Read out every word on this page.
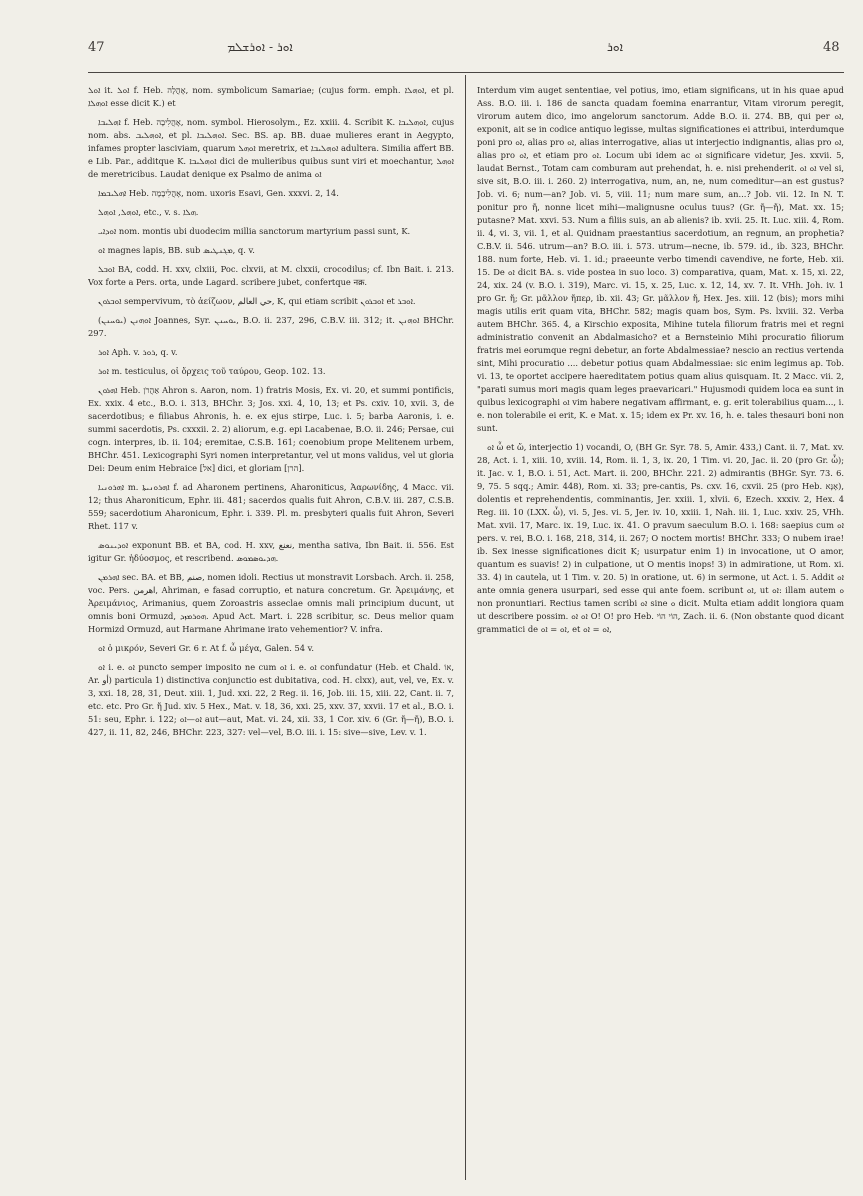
47	ܐܘܪ - ܐܘܪܫܠܡ	ܐܘܪ	48

ܐܘܠ it. ܐܘܠ f. Heb. אָהֳלָה, nom. symbolicum Samariae; (cujus form. emph. ܐܘܗܠܐ, et pl. ܐܘܗܠܐ esse dicit K.) et

ܐܗܠܝܒܐ f. Heb. אָהֳלִיבָה, nom. symbol. Hierosolym., Ez. xxiii. 4. Scribit K. ܐܘܗܠܝܒܐ, cujus nom. abs. ܐܘܗܠܝܒ, et pl. ܐܘܗܠܝܒܐ. Sec. BS. ap. BB. duae mulieres erant in Aegypto, infames propter lasciviam, quarum ܐܘܗܠ meretrix, et ܐܘܗܠܝܒܐ adultera. Similia affert BB. e Lib. Par., additque K. ܐܘܗܠܝܒܐ dici de mulieribus quibus sunt viri et moechantur, ܐܘܗܠ de meretricibus. Laudat denique ex Psalmo de anima ܐܘ

ܐܗܠܝܒܡܐ Heb. אָהֳלִיבָמָה, nom. uxoris Esavi, Gen. xxxvi. 2, 14.

ܐܘܗܠ, ܐܘܗܠ, etc., v. s. ܗܠܐ.

ܐܘܕܐܝ nom. montis ubi duodecim millia sanctorum martyrium passi sunt, K.

ܐܘ magnes lapis, BB. sub ܡܓܢܛܝܣ, q. v.

ܐܘܒܠ BA, codd. H. xxv, clxiii, Poc. clxvii, at M. clxxii, crocodilus; cf. Ibn Bait. i. 213. Vox forte a Pers. orta, unde Lagard. scribere jubet, confertque नक्र.

ܐܘܒܪܘܢ sempervivum, τὸ ἀείζωον, حي العالم, K, qui etiam scribit ܐܘܒܪܘܢ et ܐܘܒܪ.

ܐܘܗܢܢ (ܝܘܚܢܢ) Joannes, Syr. ܝܘܚܢܢ, B.O. ii. 237, 296, C.B.V. iii. 312; it. ܐܘܗܢܢ BHChr. 297.

ܐܘܪ Aph. v. ܪܘܪ, q. v.

ܐܘܪ m. testiculus, οἱ ὄρχεις τοῦ ταύρου, Geop. 102. 13.

ܐܗܪܘܢ Heb. אַהֲרֹן Ahron s. Aaron, nom. 1) fratris Mosis, Ex. vi. 20, et summi pontificis, Ex. xxix. 4 etc., B.O. i. 313, BHChr. 3; Jos. xxi. 4, 10, 13; et Ps. cxiv. 10, xvii. 3, de sacerdotibus; e filiabus Ahronis, h. e. ex ejus stirpe, Luc. i. 5; barba Aaronis, i. e. summi sacerdotis, Ps. cxxxii. 2. 2) aliorum, e.g. epi Lacabenae, B.O. ii. 246; Persae, cui cogn. interpres, ib. ii. 104; eremitae, C.S.B. 161; coenobium prope Melitenem urbem, BHChr. 451. Lexicographi Syri nomen interpretantur, vel ut mons validus, vel ut gloria Dei: Deum enim Hebraice [אל] dici, et gloriam [הרן].

ܐܗܪܘܢܝܐ m. ܐܗܪܘܢܝܬܐ f. ad Aharonem pertinens, Aharoniticus, Ἀαρωνίδης, 4 Macc. vii. 12; thus Aharoniticum, Ephr. iii. 481; sacerdos qualis fuit Ahron, C.B.V. iii. 287, C.S.B. 559; sacerdotium Aharonicum, Ephr. i. 339. Pl. m. presbyteri qualis fuit Ahron, Severi Rhet. 117 v.

ܐܘܕܝܢܘܣ exponunt BB. et BA, cod. H. xxv, نعنع, mentha sativa, Ibn Bait. ii. 556. Est igitur Gr. ἡδύοσμος, et rescribend. ܗܕܝܘܣܡܘܣ.

ܐܗܪܡܢ sec. BA. et BB, صنم, nomen idoli. Rectius ut monstravit Lorsbach. Arch. ii. 258, voc. Pers. اهرمن, Ahriman, e fasad corruptio, et natura concretum. Gr. Ἀρειμάνης, et Ἀρειμάνιος, Arimanius, quem Zoroastris asseclae omnis mali principium ducunt, ut omnis boni Ormuzd, ܗܘܪܡܙܕ. Apud Act. Mart. i. 228 scribitur, sc. Deus melior quam Hormizd Ormuzd, aut Harmane Ahrimane irato vehementior? V. infra.

ܐܘ ὁ μικρόν, Severi Gr. 6 r. At f. ὦ μέγα, Galen. 54 v.

ܐܘ i. e. ܐܘ puncto semper imposito ne cum ܐܘ i. e. ܐܘ confundatur (Heb. et Chald. אוֹ, Ar. أو) particula 1) distinctiva conjunctio est dubitativa, cod. H. clxx), aut, vel, ve, Ex. v. 3, xxi. 18, 28, 31, Deut. xiii. 1, Jud. xxi. 22, 2 Reg. ii. 16, Job. iii. 15, xiii. 22, Cant. ii. 7, etc. etc. Pro Gr. ἤ Jud. xiv. 5 Hex., Mat. v. 18, 36, xxi. 25, xxv. 37, xxvii. 17 et al., B.O. i. 51: seu, Ephr. i. 122; ܐܘ—ܐܘ aut—aut, Mat. vi. 24, xii. 33, 1 Cor. xiv. 6 (Gr. ἤ—ἤ), B.O. i. 427, ii. 11, 82, 246, BHChr. 223, 327: vel—vel, B.O. iii. i. 15: sive—sive, Lev. v. 1.

Interdum vim auget sententiae, vel potius, imo, etiam significans, ut in his quae apud Ass. B.O. iii. i. 186 de sancta quadam foemina enarrantur, Vitam virorum peregit, virorum autem dico, imo angelorum sanctorum. Adde B.O. ii. 274. BB, qui per ܐܘ, exponit, ait se in codice antiquo legisse, multas significationes ei attribui, interdumque poni pro ܐܘ, alias pro ܐܘ, alias interrogative, alias ut interjectio indignantis, alias pro ܐܘ, alias pro ܐܘ, et etiam pro ܐܘ. Locum ubi idem ac ܐܘ significare videtur, Jes. xxvii. 5, laudat Bernst., Totam cam comburam aut prehendat, h. e. nisi prehenderit. ܐܘ ܐܘ vel si, sive sit, B.O. iii. i. 260. 2) interrogativa, num, an, ne, num comeditur—an est gustus? Job. vi. 6; num—an? Job. vi. 5, viii. 11; num mare sum, an...? Job. vii. 12. In N. T. ponitur pro ἤ, nonne licet mihi—malignusne oculus tuus? (Gr. ἤ—ἤ), Mat. xx. 15; putasne? Mat. xxvi. 53. Num a filiis suis, an ab alienis? ib. xvii. 25. It. Luc. xiii. 4, Rom. ii. 4, vi. 3, vii. 1, et al. Quidnam praestantius sacerdotium, an regnum, an prophetia? C.B.V. ii. 546. utrum—an? B.O. iii. i. 573. utrum—necne, ib. 579. id., ib. 323, BHChr. 188. num forte, Heb. vi. 1. id.; praeeunte verbo timendi cavendive, ne forte, Heb. xii. 15. De ܐܘ dicit BA. s. vide postea in suo loco. 3) comparativa, quam, Mat. x. 15, xi. 22, 24, xix. 24 (v. B.O. i. 319), Marc. vi. 15, x. 25, Luc. x. 12, 14, xv. 7. It. VHh. Joh. iv. 1 pro Gr. ἤ; Gr. μᾶλλον ἤπερ, ib. xii. 43; Gr. μᾶλλον ἤ, Hex. Jes. xiii. 12 (bis); mors mihi magis utilis erit quam vita, BHChr. 582; magis quam bos, Sym. Ps. lxviii. 32. Verba autem BHChr. 365. 4, a Kirschio exposita, Mihine tutela filiorum fratris mei et regni administratio convenit an Abdalmasicho? et a Bernsteinio Mihi procuratio filiorum fratris mei eorumque regni debetur, an forte Abdalmessiae? nescio an rectius vertenda sint, Mihi procuratio .... debetur potius quam Abdalmessiae: sic enim legimus ap. Tob. vi. 13, te oportet accipere haereditatem potius quam alius quisquam. It. 2 Macc. vii. 2, "parati sumus mori magis quam leges praevaricari." Hujusmodi quidem loca ea sunt in quibus lexicographi ܐܘ vim habere negativam affirmant, e. g. erit tolerabilius quam..., i. e. non tolerabile ei erit, K. e Mat. x. 15; idem ex Pr. xv. 16, h. e. tales thesauri boni non sunt.

ܐܘ ὦ et ὤ, interjectio 1) vocandi, O, (BH Gr. Syr. 78. 5, Amir. 433,) Cant. ii. 7, Mat. xv. 28, Act. i. 1, xiii. 10, xviii. 14, Rom. ii. 1, 3, ix. 20, 1 Tim. vi. 20, Jac. ii. 20 (pro Gr. ὦ); it. Jac. v. 1, B.O. i. 51, Act. Mart. ii. 200, BHChr. 221. 2) admirantis (BHGr. Syr. 73. 6. 9, 75. 5 sqq.; Amir. 448), Rom. xi. 33; pre-cantis, Ps. cxv. 16, cxvii. 25 (pro Heb. אָנָּא), dolentis et reprehendentis, comminantis, Jer. xxiii. 1, xlvii. 6, Ezech. xxxiv. 2, Hex. 4 Reg. iii. 10 (LXX. ὦ), vi. 5, Jes. vi. 5, Jer. iv. 10, xxiii. 1, Nah. iii. 1, Luc. xxiv. 25, VHh. Mat. xvii. 17, Marc. ix. 19, Luc. ix. 41. O pravum saeculum B.O. i. 168: saepius cum ܐܘ pers. v. rei, B.O. i. 168, 218, 314, ii. 267; O noctem mortis! BHChr. 333; O nubem irae! ib. Sex inesse significationes dicit K; usurpatur enim 1) in invocatione, ut O amor, quantum es suavis! 2) in culpatione, ut O mentis inops! 3) in admiratione, ut Rom. xi. 33. 4) in cautela, ut 1 Tim. v. 20. 5) in oratione, ut. 6) in sermone, ut Act. i. 5. Addit ܐܘ ante omnia genera usurpari, sed esse qui ante foem. scribunt ܐܘ, ut ܐܘ: illam autem ܘ non pronuntiari. Rectius tamen scribi ܐܘ sine ܘ dicit. Multa etiam addit longiora quam ut describere possim. ܐܘ ܐܘ O! O! pro Heb. הוֹי הוֹי, Zach. ii. 6. (Non obstante quod dicant grammatici de ܐܘ = ܐܘ, et ܐܘ = ܐܘ,
